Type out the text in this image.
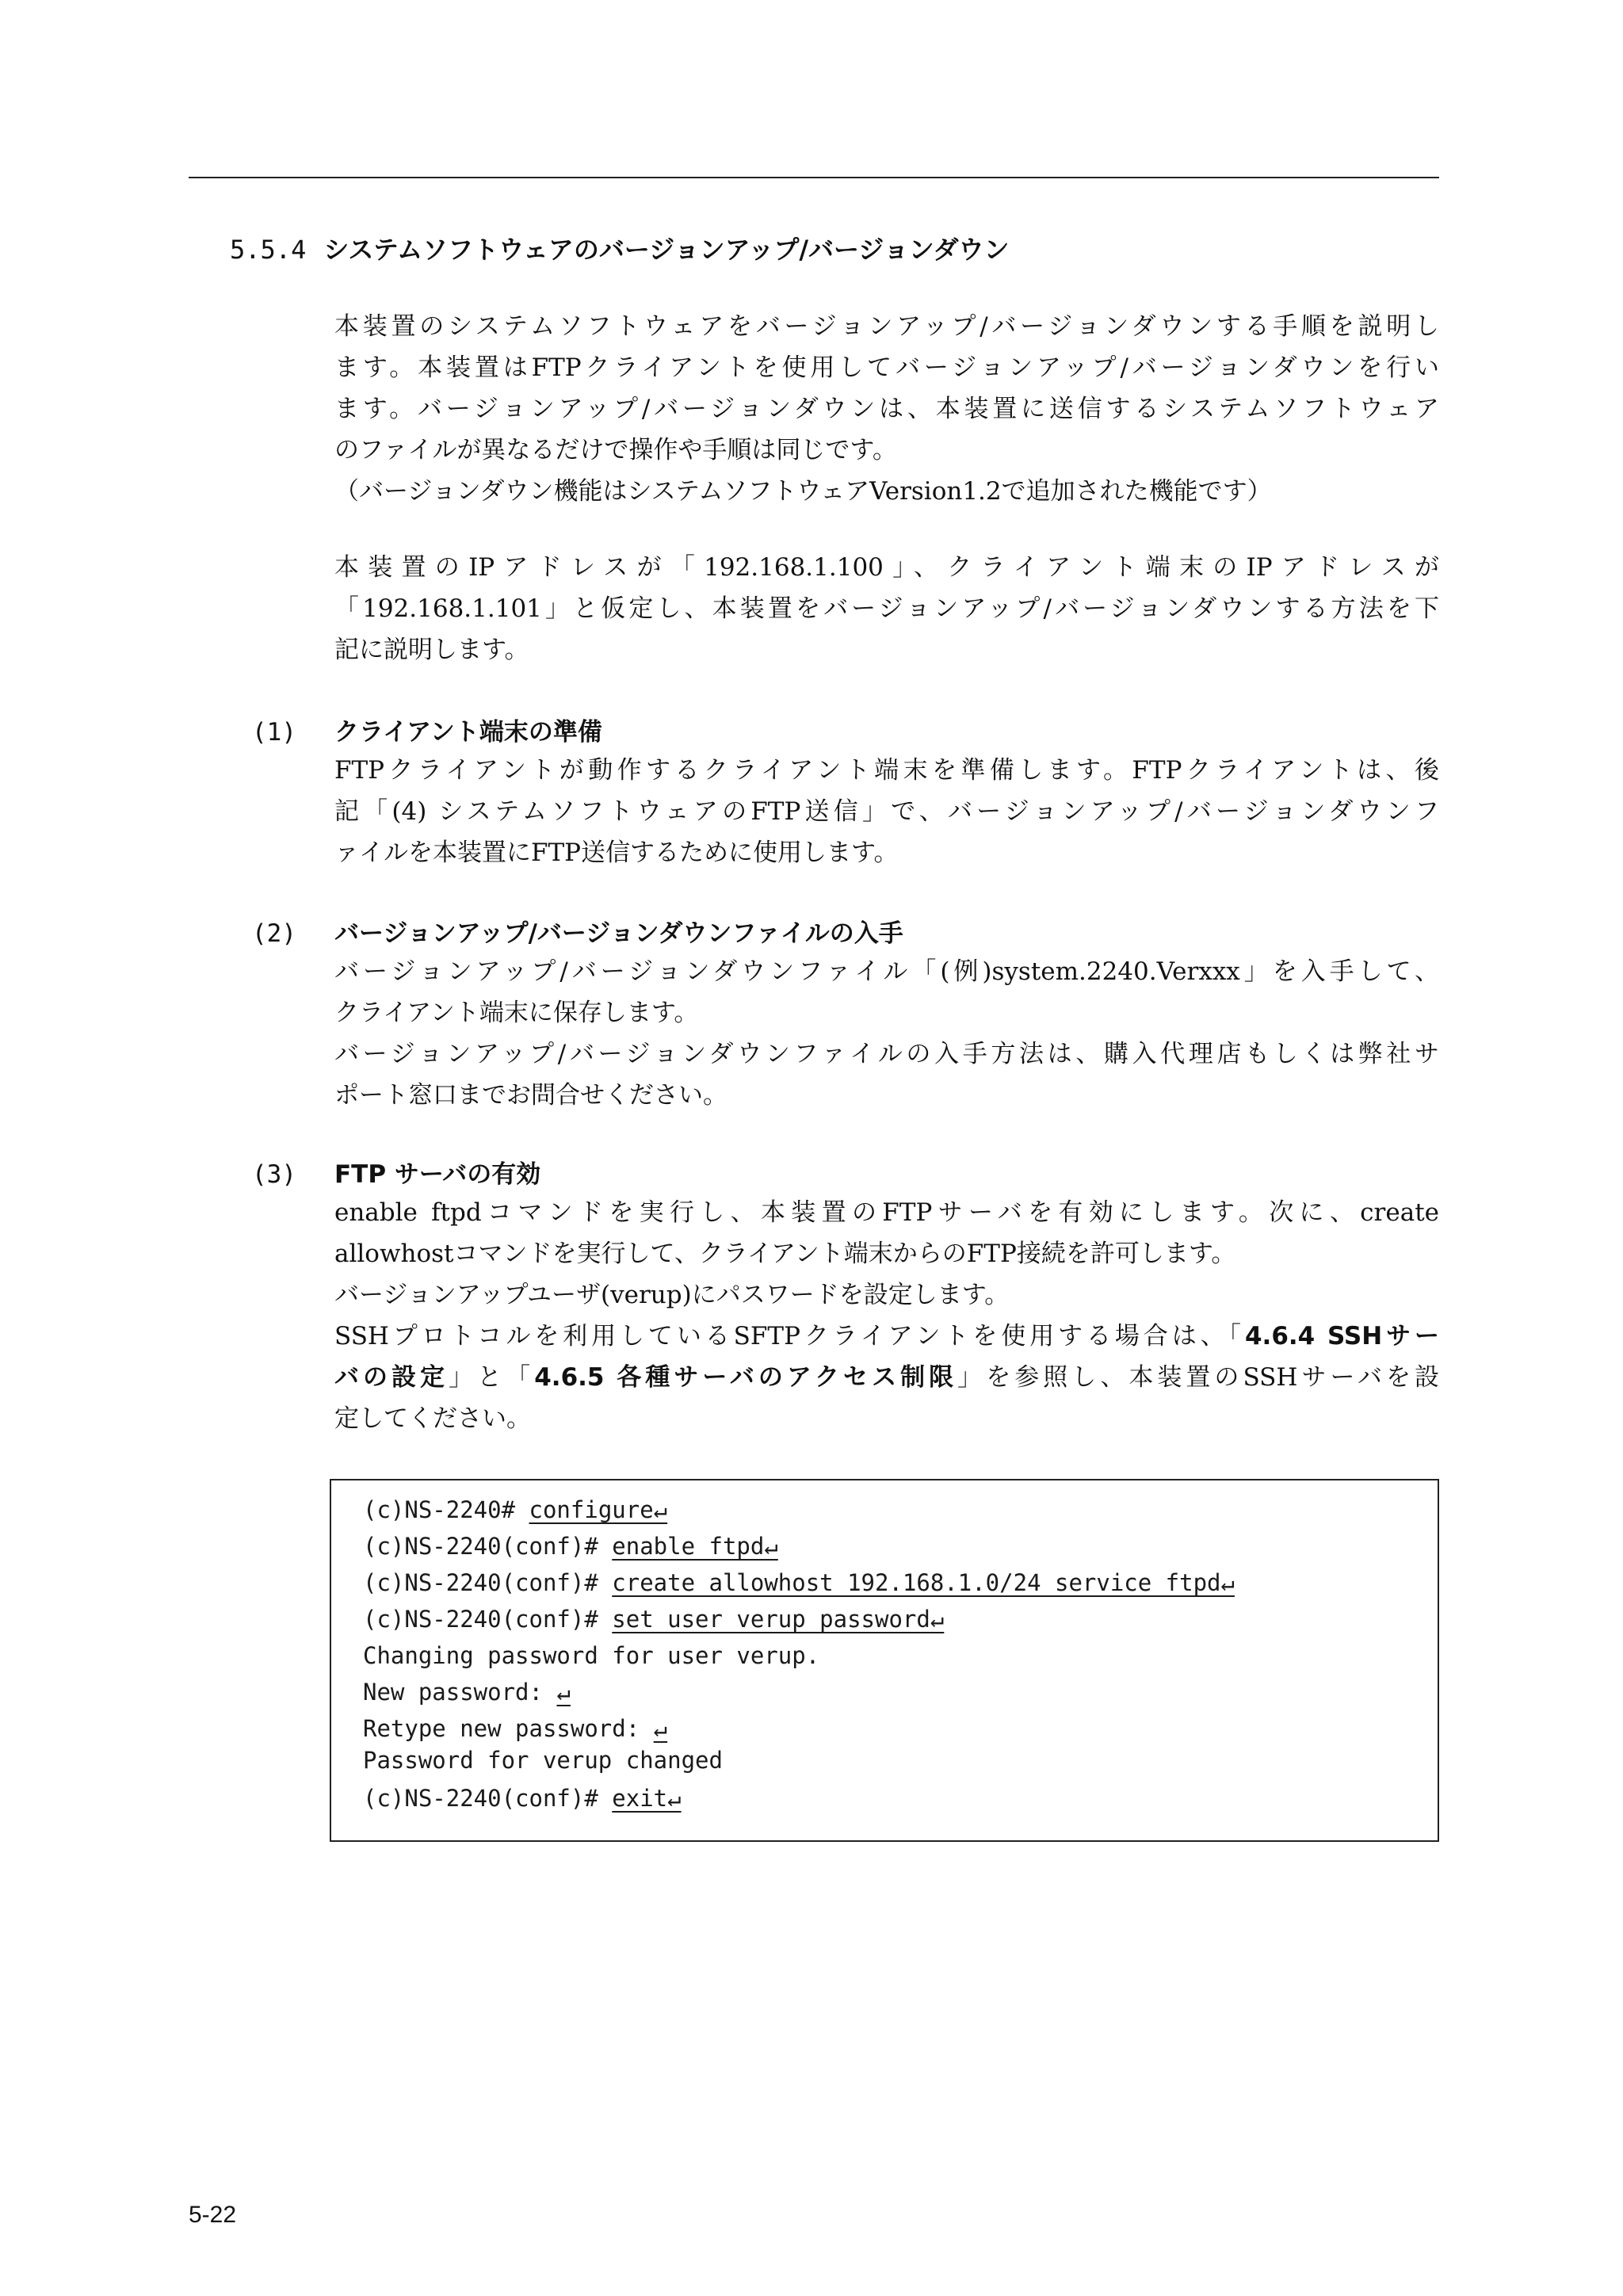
5.5.4 システムソフトウェアのバージョンアップ/バージョンダウン
本装置のシステムソフトウェアをバージョンアップ/バージョンダウンする手順を説明し
ます。本装置はFTPクライアントを使用してバージョンアップ/バージョンダウンを行い
ます。バージョンアップ/バージョンダウンは、本装置に送信するシステムソフトウェア
のファイルが異なるだけで操作や手順は同じです。
（バージョンダウン機能はシステムソフトウェアVersion1.2で追加された機能です）
本装置のIPアドレスが「192.168.1.100」、クライアント端末のIPアドレスが
「192.168.1.101」と仮定し、本装置をバージョンアップ/バージョンダウンする方法を下
記に説明します。
(1) クライアント端末の準備
FTPクライアントが動作するクライアント端末を準備します。FTPクライアントは、後
記「(4) システムソフトウェアのFTP送信」で、バージョンアップ/バージョンダウンフ
ァイルを本装置にFTP送信するために使用します。
(2) バージョンアップ/バージョンダウンファイルの入手
バージョンアップ/バージョンダウンファイル「(例)system.2240.Verxxx」を入手して、
クライアント端末に保存します。
バージョンアップ/バージョンダウンファイルの入手方法は、購入代理店もしくは弊社サ
ポート窓口までお問合せください。
(3) FTP サーバの有効
enable ftpdコマンドを実行し、本装置のFTPサーバを有効にします。次に、create
allowhostコマンドを実行して、クライアント端末からのFTP接続を許可します。
バージョンアップユーザ(verup)にパスワードを設定します。
SSHプロトコルを利用しているSFTPクライアントを使用する場合は、「4.6.4 SSHサー
バの設定」と「4.6.5 各種サーバのアクセス制限」を参照し、本装置のSSHサーバを設
定してください。
(c)NS-2240# configure↵
(c)NS-2240(conf)# enable ftpd↵
(c)NS-2240(conf)# create allowhost 192.168.1.0/24 service ftpd↵
(c)NS-2240(conf)# set user verup password↵
Changing password for user verup.
New password: ↵
Retype new password: ↵
Password for verup changed
(c)NS-2240(conf)# exit↵
5-22
